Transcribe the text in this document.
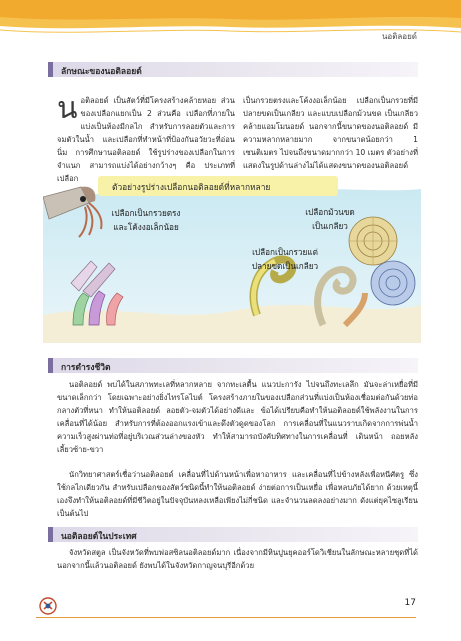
นอติลอยด์
ลักษณะของนอติลอยด์
นอติลอยด์ เป็นสัตว์ที่มีโครงสร้างคล้ายหอย ส่วนของเปลือกแยกเป็น 2 ส่วนคือ เปลือกที่ภายในแบ่งเป็นห้องมีกลไก สำหรับการลอยตัวและการจมตัวในน้ำ และเปลือกที่ทำหน้าที่ป้องกันอวัยวะที่อ่อนนิ่ม การศึกษานอติลอยด์ ใช้รูปร่างของเปลือกในการจำแนก สามารถแบ่งได้อย่างกว้างๆ คือ ประเภทที่เปลือก
เป็นกรวยตรงและโค้งงอเล็กน้อย เปลือกเป็นกรวยที่มีปลายขดเป็นเกลียว และแบบเปลือกม้วนขด เป็นเกลียวคล้ายแอมโมนอยด์ นอกจากนี้ขนาดของนอติลอยด์ มีความหลากหลายมาก จากขนาดน้อยกว่า 1 เซนติเมตร ไปจนถึงขนาดมากกว่า 10 เมตร ตัวอย่างที่แสดงในรูปด้านล่างไม่ได้แสดงขนาดของนอติลอยด์
ตัวอย่างรูปร่างเปลือกนอติลอยด์ที่หลากหลาย
เปลือกเป็นกรวยตรง
และโค้งงอเล็กน้อย
เปลือกม้วนขด
เป็นเกลียว
เปลือกเป็นกรวยแต่
ปลายขดเป็นเกลียว
การดำรงชีวิต
นอติลอยด์ พบได้ในสภาพทะเลที่หลากหลาย จากทะเลตื้น แนวปะการัง ไปจนถึงทะเลลึก มันจะล่าเหยื่อที่มีขนาดเล็กกว่า โดยเฉพาะอย่างยิ่งไทรโลไบต์ โครงสร้างภายในของเปลือกส่วนที่แบ่งเป็นห้องเชื่อมต่อกันด้วยท่อกลางตัวที่หนา ทำให้นอติลอยด์ ลอยตัว-จมตัวได้อย่างดีและ ข้อได้เปรียบคือทำให้นอติลอยด์ใช้พลังงานในการเคลื่อนที่ได้น้อย สำหรับการที่ต้องออกแรงเข้าและดึงตัวดูดของโลก การเคลื่อนที่ในแนวราบเกิดจากการพ่นน้ำความเร็วสูงผ่านท่อที่อยู่บริเวณส่วนล่างของหัว ทำให้สามารถบังคับทิศทางในการเคลื่อนที่ เดินหน้า ถอยหลัง เลี้ยวซ้าย-ขวา
นักวิทยาศาสตร์เชื่อว่านอติลอยด์ เคลื่อนที่ไปด้านหน้าเพื่อหาอาหาร และเคลื่อนที่ไปข้างหลังเพื่อหนีศัตรู ซึ่งใช้กลไกเดียวกัน สำหรับเปลือกของสัตว์ชนิดนี้ทำให้นอติลอยด์ ง่ายต่อการเป็นเหยื่อ เพื่อหลบภัยได้ยาก ด้วยเหตุนี้เองจึงทำให้นอติลอยด์ที่มีชีวิตอยู่ในปัจจุบันหลงเหลือเพียงไม่กี่ชนิด และจำนวนลดลงอย่างมาก ดังแต่ยุคไซลูเรียนเป็นต้นไป
นอติลอยด์ในประเทศ
จังหวัดสตูล เป็นจังหวัดที่พบฟอสซิลนอติลอยด์มาก เนื่องจากมีหินปูนยุคออร์โดวิเชียนในลักษณะหลายชุดที่ได้ นอกจากนี้แล้วนอติลอยด์ ยังพบได้ในจังหวัดกาญจนบุรีอีกด้วย
17
